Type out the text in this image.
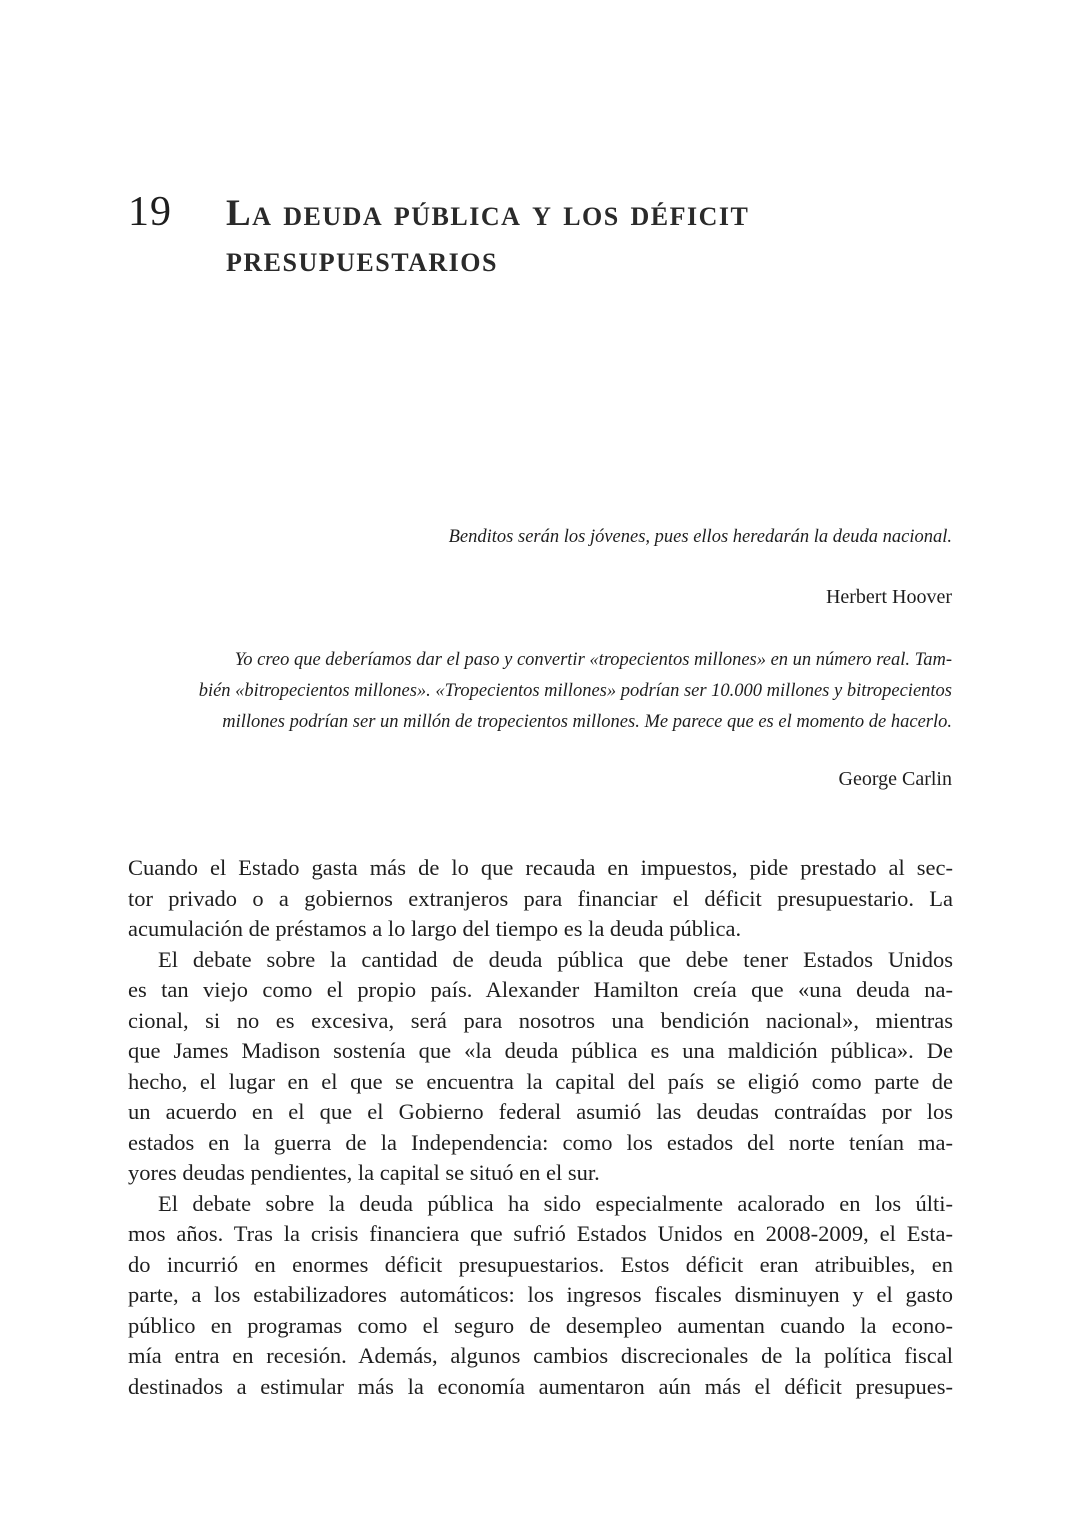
19 La deuda pública y los déficit
presupuestarios
Benditos serán los jóvenes, pues ellos heredarán la deuda nacional.
Herbert Hoover
Yo creo que deberíamos dar el paso y convertir «tropecientos millones» en un número real. Tam-
bién «bitropecientos millones». «Tropecientos millones» podrían ser 10.000 millones y bitropecientos
millones podrían ser un millón de tropecientos millones. Me parece que es el momento de hacerlo.
George Carlin
Cuando el Estado gasta más de lo que recauda en impuestos, pide prestado al sec-
tor privado o a gobiernos extranjeros para financiar el déficit presupuestario. La
acumulación de préstamos a lo largo del tiempo es la deuda pública.
El debate sobre la cantidad de deuda pública que debe tener Estados Unidos
es tan viejo como el propio país. Alexander Hamilton creía que «una deuda na-
cional, si no es excesiva, será para nosotros una bendición nacional», mientras
que James Madison sostenía que «la deuda pública es una maldición pública». De
hecho, el lugar en el que se encuentra la capital del país se eligió como parte de
un acuerdo en el que el Gobierno federal asumió las deudas contraídas por los
estados en la guerra de la Independencia: como los estados del norte tenían ma-
yores deudas pendientes, la capital se situó en el sur.
El debate sobre la deuda pública ha sido especialmente acalorado en los últi-
mos años. Tras la crisis financiera que sufrió Estados Unidos en 2008-2009, el Esta-
do incurrió en enormes déficit presupuestarios. Estos déficit eran atribuibles, en
parte, a los estabilizadores automáticos: los ingresos fiscales disminuyen y el gasto
público en programas como el seguro de desempleo aumentan cuando la econo-
mía entra en recesión. Además, algunos cambios discrecionales de la política fiscal
destinados a estimular más la economía aumentaron aún más el déficit presupues-
